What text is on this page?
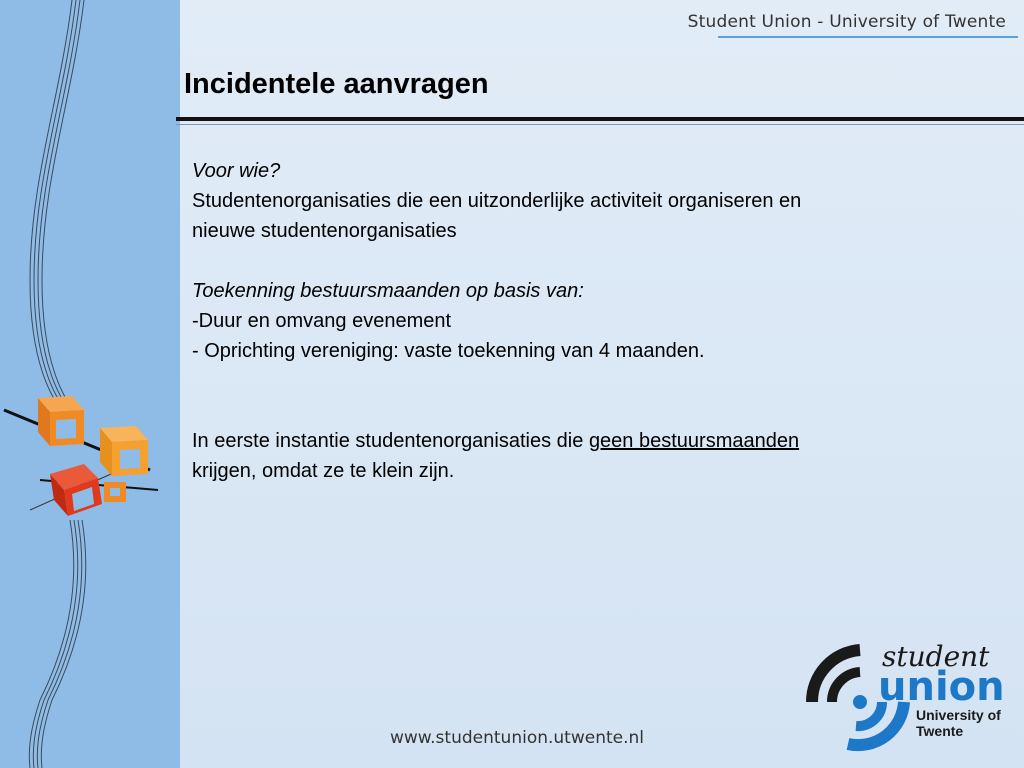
Student Union - University of Twente
Incidentele aanvragen

Voor wie?

Studentenorganisaties die een uitzonderlijke activiteit organiseren en

nieuwe studentenorganisaties

Toekenning bestuursmaanden op basis van:

-Duur en omvang evenement

- Oprichting vereniging: vaste toekenning van 4 maanden.

In eerste instantie studentenorganisaties die geen bestuursmaanden

krijgen, omdat ze te klein zijn.

www.studentunion.utwente.nl
student
union
University of
Twente
